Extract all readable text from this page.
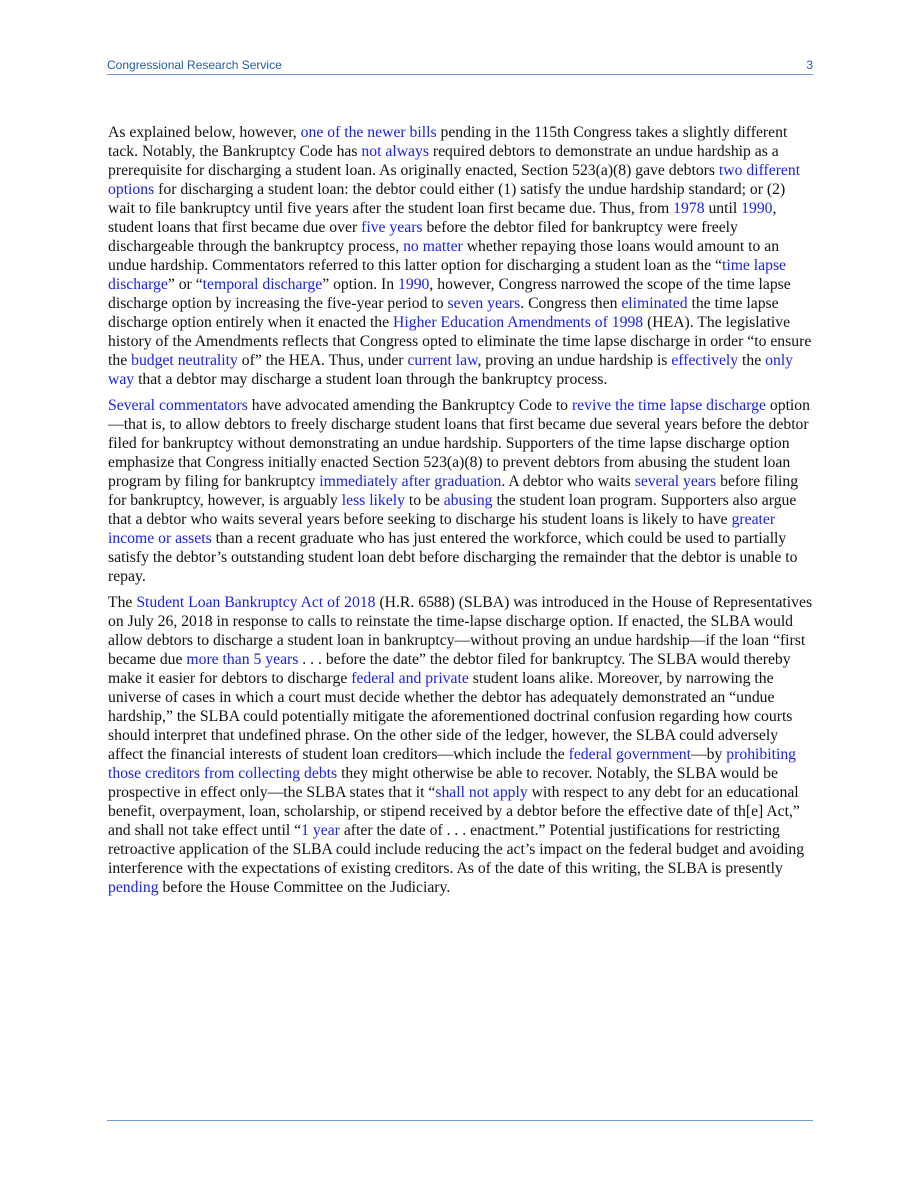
Congressional Research Service	3

As explained below, however, one of the newer bills pending in the 115th Congress takes a slightly different tack. Notably, the Bankruptcy Code has not always required debtors to demonstrate an undue hardship as a prerequisite for discharging a student loan. As originally enacted, Section 523(a)(8) gave debtors two different options for discharging a student loan: the debtor could either (1) satisfy the undue hardship standard; or (2) wait to file bankruptcy until five years after the student loan first became due. Thus, from 1978 until 1990, student loans that first became due over five years before the debtor filed for bankruptcy were freely dischargeable through the bankruptcy process, no matter whether repaying those loans would amount to an undue hardship. Commentators referred to this latter option for discharging a student loan as the “time lapse discharge” or “temporal discharge” option. In 1990, however, Congress narrowed the scope of the time lapse discharge option by increasing the five-year period to seven years. Congress then eliminated the time lapse discharge option entirely when it enacted the Higher Education Amendments of 1998 (HEA). The legislative history of the Amendments reflects that Congress opted to eliminate the time lapse discharge in order “to ensure the budget neutrality of” the HEA. Thus, under current law, proving an undue hardship is effectively the only way that a debtor may discharge a student loan through the bankruptcy process.

Several commentators have advocated amending the Bankruptcy Code to revive the time lapse discharge option—that is, to allow debtors to freely discharge student loans that first became due several years before the debtor filed for bankruptcy without demonstrating an undue hardship. Supporters of the time lapse discharge option emphasize that Congress initially enacted Section 523(a)(8) to prevent debtors from abusing the student loan program by filing for bankruptcy immediately after graduation. A debtor who waits several years before filing for bankruptcy, however, is arguably less likely to be abusing the student loan program. Supporters also argue that a debtor who waits several years before seeking to discharge his student loans is likely to have greater income or assets than a recent graduate who has just entered the workforce, which could be used to partially satisfy the debtor’s outstanding student loan debt before discharging the remainder that the debtor is unable to repay.

The Student Loan Bankruptcy Act of 2018 (H.R. 6588) (SLBA) was introduced in the House of Representatives on July 26, 2018 in response to calls to reinstate the time-lapse discharge option. If enacted, the SLBA would allow debtors to discharge a student loan in bankruptcy—without proving an undue hardship—if the loan “first became due more than 5 years . . . before the date” the debtor filed for bankruptcy. The SLBA would thereby make it easier for debtors to discharge federal and private student loans alike. Moreover, by narrowing the universe of cases in which a court must decide whether the debtor has adequately demonstrated an “undue hardship,” the SLBA could potentially mitigate the aforementioned doctrinal confusion regarding how courts should interpret that undefined phrase. On the other side of the ledger, however, the SLBA could adversely affect the financial interests of student loan creditors—which include the federal government—by prohibiting those creditors from collecting debts they might otherwise be able to recover. Notably, the SLBA would be prospective in effect only—the SLBA states that it “shall not apply with respect to any debt for an educational benefit, overpayment, loan, scholarship, or stipend received by a debtor before the effective date of th[e] Act,” and shall not take effect until “1 year after the date of . . . enactment.” Potential justifications for restricting retroactive application of the SLBA could include reducing the act’s impact on the federal budget and avoiding interference with the expectations of existing creditors. As of the date of this writing, the SLBA is presently pending before the House Committee on the Judiciary.
